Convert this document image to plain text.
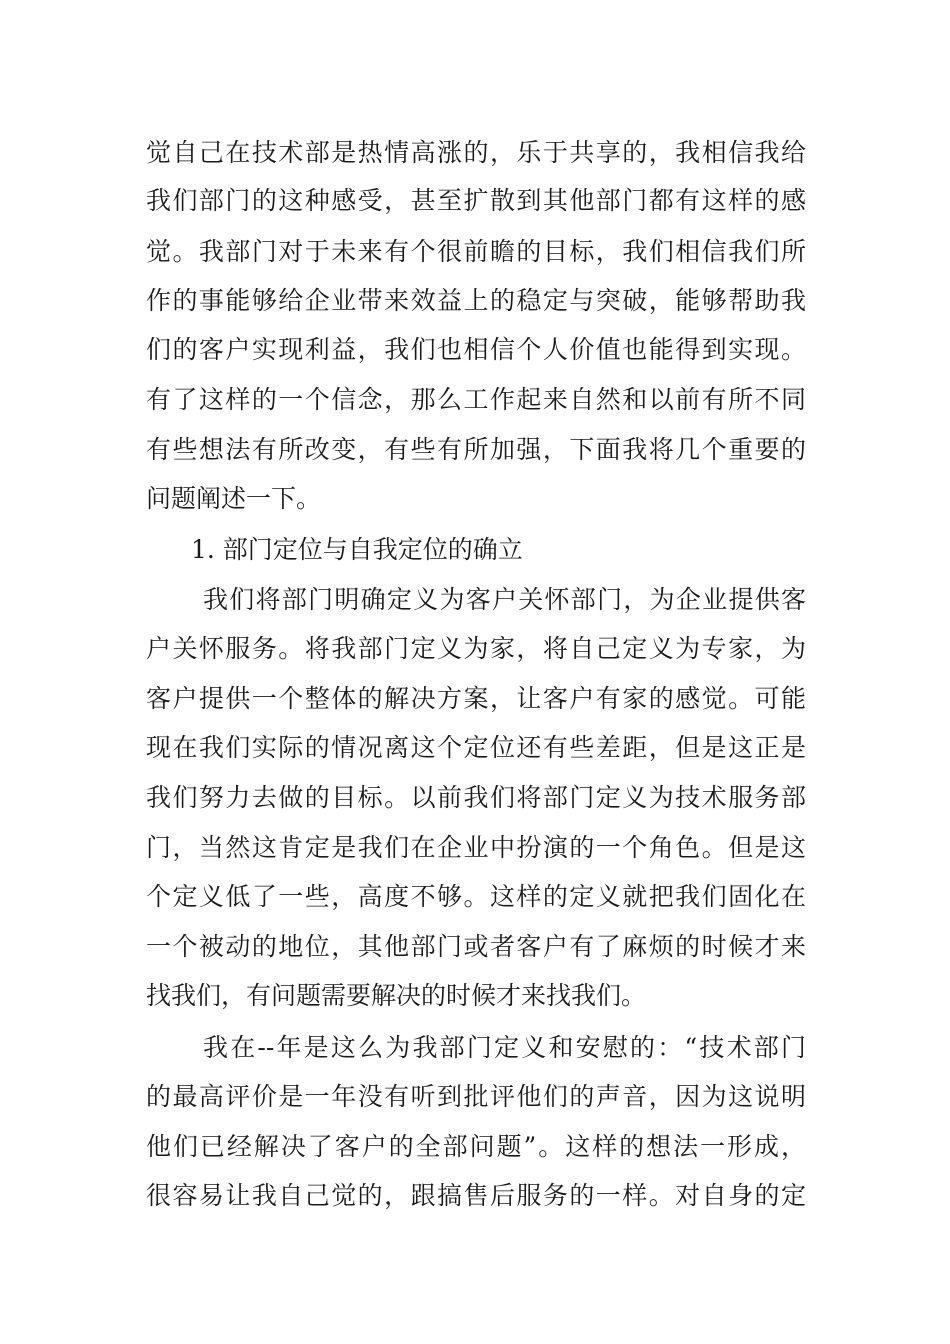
觉自己在技术部是热情高涨的，乐于共享的，我相信我给
我们部门的这种感受，甚至扩散到其他部门都有这样的感
觉。我部门对于未来有个很前瞻的目标，我们相信我们所
作的事能够给企业带来效益上的稳定与突破，能够帮助我
们的客户实现利益，我们也相信个人价值也能得到实现。
有了这样的一个信念，那么工作起来自然和以前有所不同
有些想法有所改变，有些有所加强，下面我将几个重要的
问题阐述一下。
1. 部门定位与自我定位的确立
我们将部门明确定义为客户关怀部门，为企业提供客
户关怀服务。将我部门定义为家，将自己定义为专家，为
客户提供一个整体的解决方案，让客户有家的感觉。可能
现在我们实际的情况离这个定位还有些差距，但是这正是
我们努力去做的目标。以前我们将部门定义为技术服务部
门，当然这肯定是我们在企业中扮演的一个角色。但是这
个定义低了一些，高度不够。这样的定义就把我们固化在
一个被动的地位，其他部门或者客户有了麻烦的时候才来
找我们，有问题需要解决的时候才来找我们。
我在--年是这么为我部门定义和安慰的：“技术部门
的最高评价是一年没有听到批评他们的声音，因为这说明
他们已经解决了客户的全部问题”。这样的想法一形成，
很容易让我自己觉的，跟搞售后服务的一样。对自身的定
